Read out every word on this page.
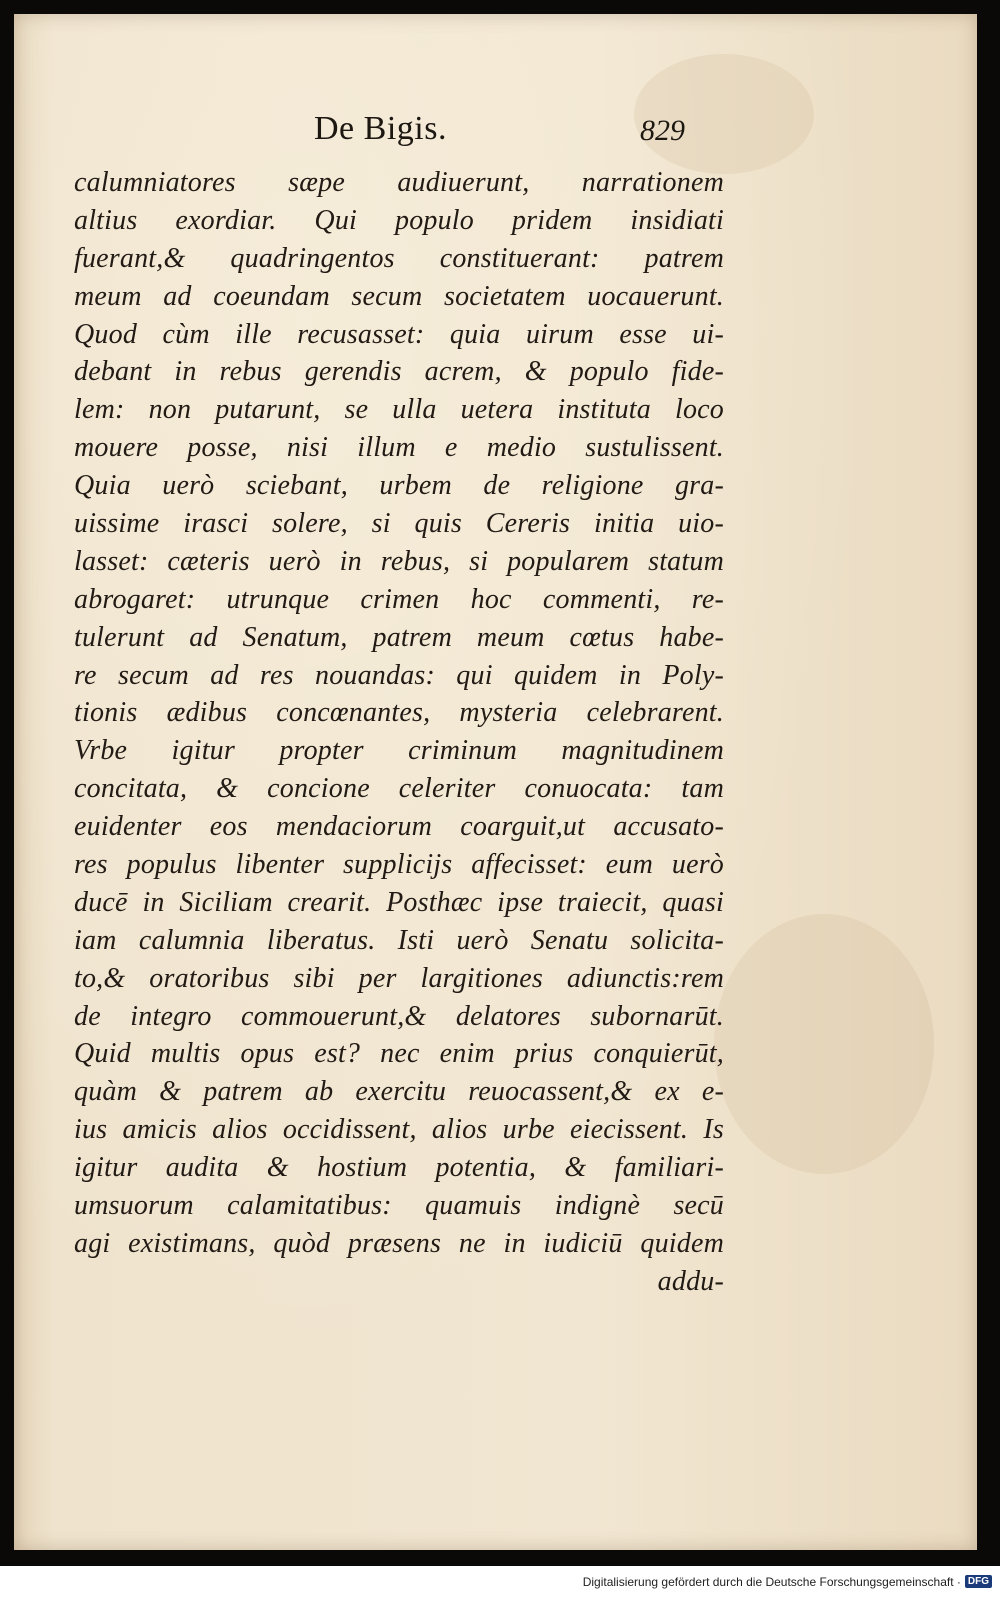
De Bigis.	829
calumniatores sæpe audiuerunt, narrationem
altius exordiar. Qui populo pridem insidiati
fuerant,& quadringentos constituerant: patrem
meum ad coeundam secum societatem uocauerunt.
Quod cùm ille recusasset: quia uirum esse ui-
debant in rebus gerendis acrem, & populo fide-
lem: non putarunt, se ulla uetera instituta loco
mouere posse, nisi illum e medio sustulissent.
Quia uerò sciebant, urbem de religione gra-
uissime irasci solere, si quis Cereris initia uio-
lasset: cæteris uerò in rebus, si popularem statum
abrogaret: utrunque crimen hoc commenti, re-
tulerunt ad Senatum, patrem meum cœtus habe-
re secum ad res nouandas: qui quidem in Poly-
tionis ædibus concœnantes, mysteria celebrarent.
Vrbe igitur propter criminum magnitudinem
concitata, & concione celeriter conuocata: tam
euidenter eos mendaciorum coarguit,ut accusato-
res populus libenter supplicijs affecisset: eum uerò
ducē in Siciliam crearit. Posthæc ipse traiecit, quasi
iam calumnia liberatus. Isti uerò Senatu solicita-
to,& oratoribus sibi per largitiones adiunctis:rem
de integro commouerunt,& delatores subornarūt.
Quid multis opus est? nec enim prius conquierūt,
quàm & patrem ab exercitu reuocassent,& ex e-
ius amicis alios occidissent, alios urbe eiecissent. Is
igitur audita & hostium potentia, & familiari-
umsuorum calamitatibus: quamuis indignè secū
agi existimans, quòd præsens ne in iudiciū quidem
addu-
Digitalisierung gefördert durch die Deutsche Forschungsgemeinschaft · DFG
